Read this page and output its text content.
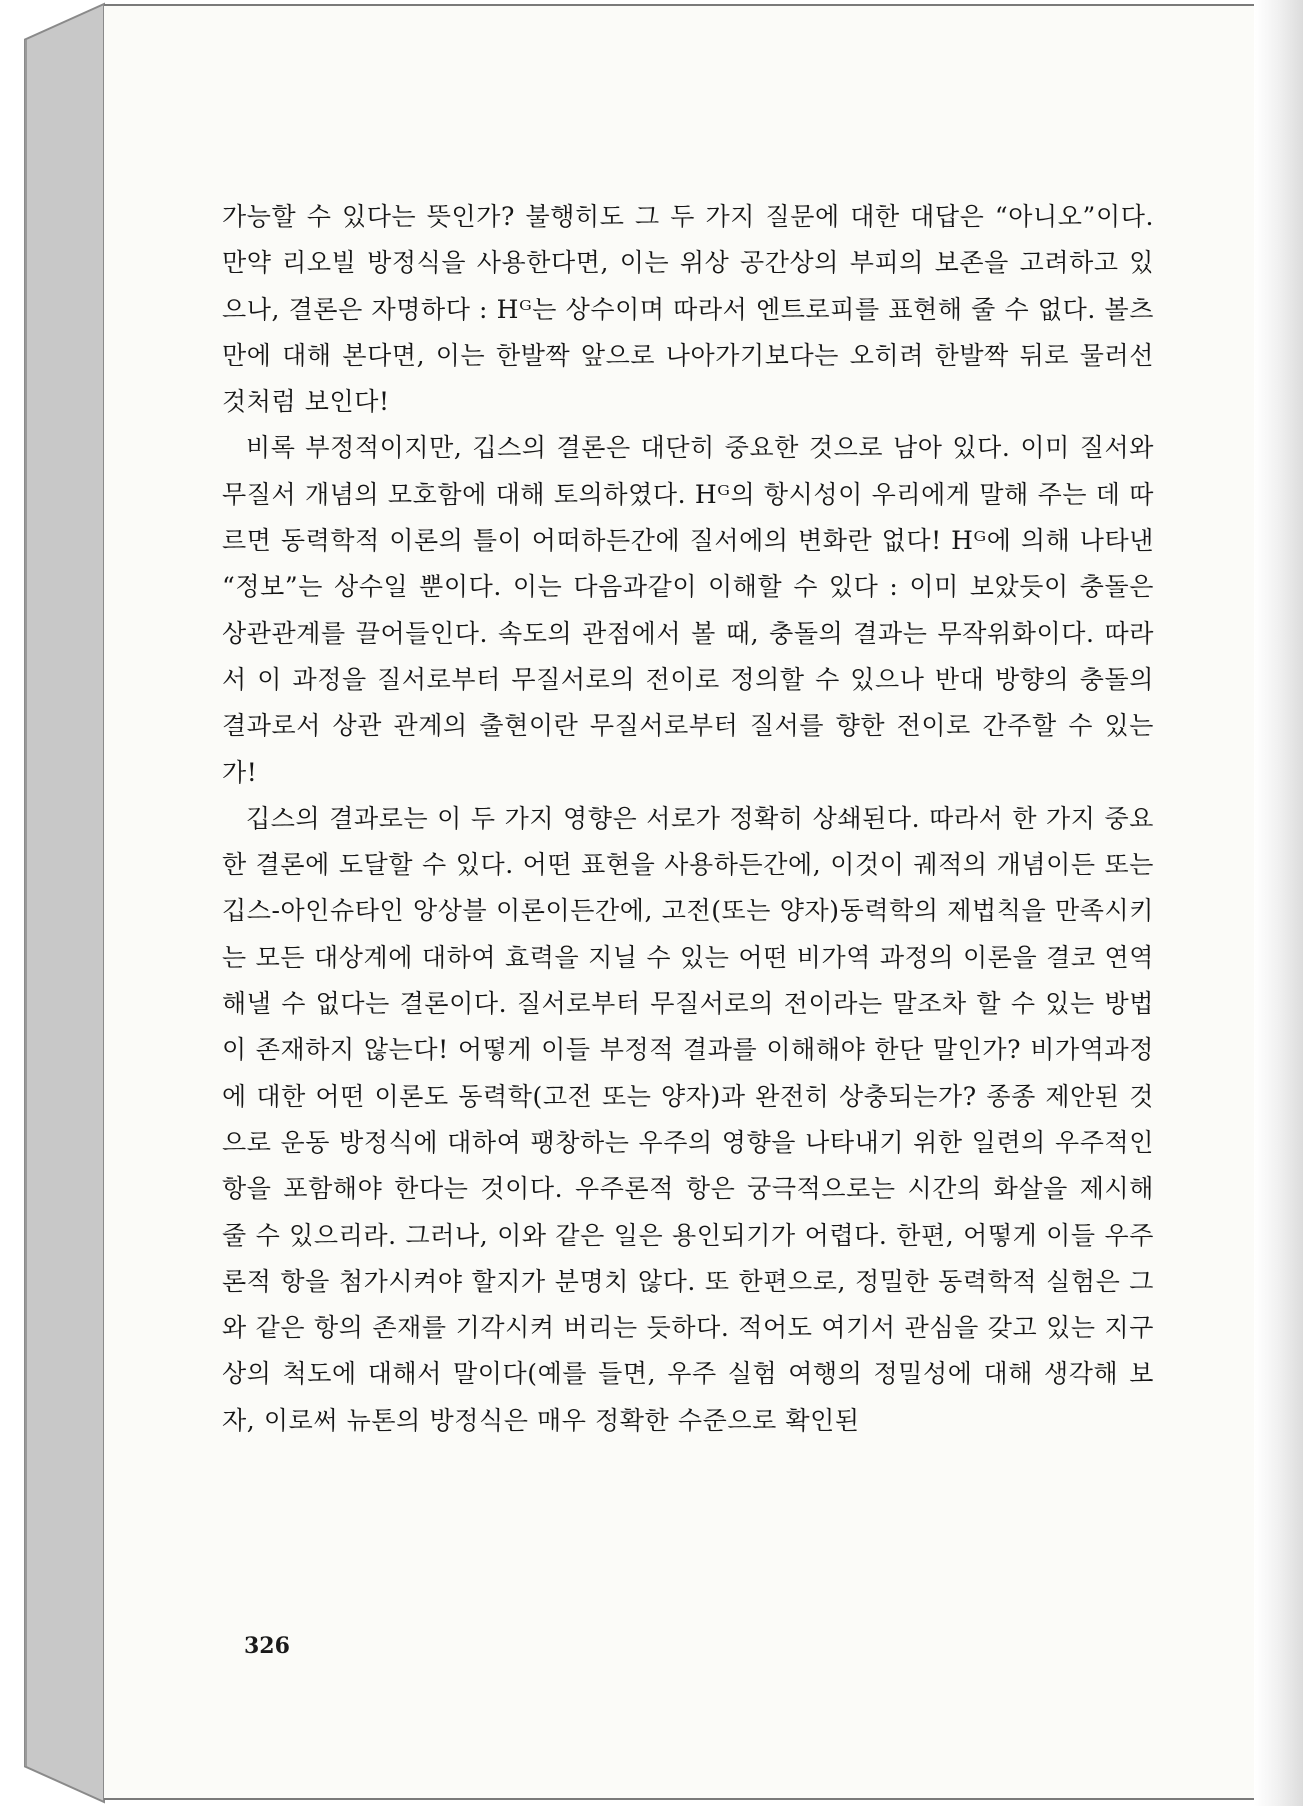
가능할 수 있다는 뜻인가? 불행히도 그 두 가지 질문에 대한 대답은 “아니오”이다. 만약 리오빌 방정식을 사용한다면, 이는 위상 공간상의 부피의 보존을 고려하고 있으나, 결론은 자명하다 : Hᴳ는 상수이며 따라서 엔트로피를 표현해 줄 수 없다. 볼츠만에 대해 본다면, 이는 한발짝 앞으로 나아가기보다는 오히려 한발짝 뒤로 물러선 것처럼 보인다!

비록 부정적이지만, 깁스의 결론은 대단히 중요한 것으로 남아 있다. 이미 질서와 무질서 개념의 모호함에 대해 토의하였다. Hᴳ의 항시성이 우리에게 말해 주는 데 따르면 동력학적 이론의 틀이 어떠하든간에 질서에의 변화란 없다! Hᴳ에 의해 나타낸 “정보”는 상수일 뿐이다. 이는 다음과같이 이해할 수 있다 : 이미 보았듯이 충돌은 상관관계를 끌어들인다. 속도의 관점에서 볼 때, 충돌의 결과는 무작위화이다. 따라서 이 과정을 질서로부터 무질서로의 전이로 정의할 수 있으나 반대 방향의 충돌의 결과로서 상관 관계의 출현이란 무질서로부터 질서를 향한 전이로 간주할 수 있는가!

깁스의 결과로는 이 두 가지 영향은 서로가 정확히 상쇄된다. 따라서 한 가지 중요한 결론에 도달할 수 있다. 어떤 표현을 사용하든간에, 이것이 궤적의 개념이든 또는 깁스-아인슈타인 앙상블 이론이든간에, 고전(또는 양자)동력학의 제법칙을 만족시키는 모든 대상계에 대하여 효력을 지닐 수 있는 어떤 비가역 과정의 이론을 결코 연역해낼 수 없다는 결론이다. 질서로부터 무질서로의 전이라는 말조차 할 수 있는 방법이 존재하지 않는다! 어떻게 이들 부정적 결과를 이해해야 한단 말인가? 비가역과정에 대한 어떤 이론도 동력학(고전 또는 양자)과 완전히 상충되는가? 종종 제안된 것으로 운동 방정식에 대하여 팽창하는 우주의 영향을 나타내기 위한 일련의 우주적인 항을 포함해야 한다는 것이다. 우주론적 항은 궁극적으로는 시간의 화살을 제시해 줄 수 있으리라. 그러나, 이와 같은 일은 용인되기가 어렵다. 한편, 어떻게 이들 우주론적 항을 첨가시켜야 할지가 분명치 않다. 또 한편으로, 정밀한 동력학적 실험은 그와 같은 항의 존재를 기각시켜 버리는 듯하다. 적어도 여기서 관심을 갖고 있는 지구상의 척도에 대해서 말이다(예를 들면, 우주 실험 여행의 정밀성에 대해 생각해 보자, 이로써 뉴톤의 방정식은 매우 정확한 수준으로 확인된

326
